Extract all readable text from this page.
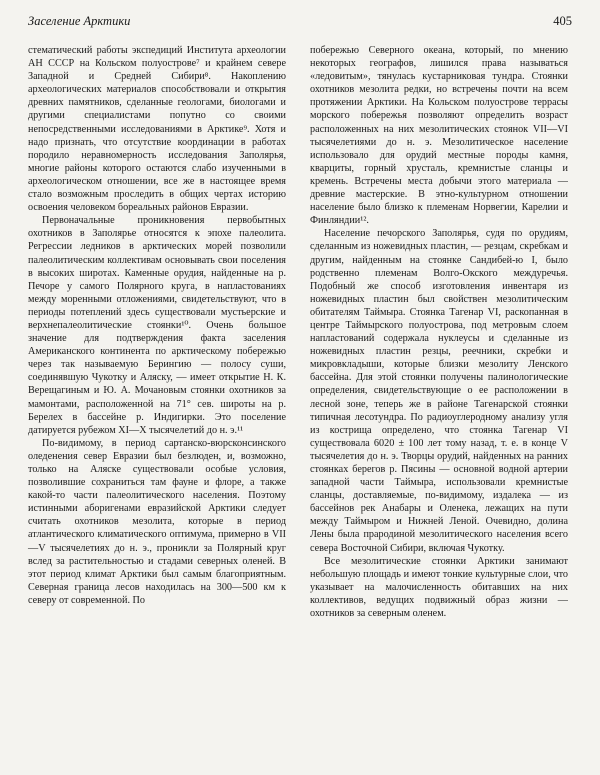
Заселение Арктики	405

стематический работы экспедиций Института археологии АН СССР на Кольском полуострове⁷ и крайнем севере Западной и Средней Сибири⁸. Накоплению археологических материалов способствовали и открытия древних памятников, сделанные геологами, биологами и другими специалистами попутно со своими непосредственными исследованиями в Арктике⁹. Хотя и надо признать, что отсутствие координации в работах породило неравномерность исследования Заполярья, многие районы которого остаются слабо изученными в археологическом отношении, все же в настоящее время стало возможным проследить в общих чертах историю освоения человеком бореальных районов Евразии.

Первоначальные проникновения первобытных охотников в Заполярье относятся к эпохе палеолита. Регрессии ледников в арктических морей позволили палеолитическим коллективам основывать свои поселения в высоких широтах. Каменные орудия, найденные на р. Печоре у самого Полярного круга, в напластованиях между моренными отложениями, свидетельствуют, что в периоды потеплений здесь существовали мустьерские и верхнепалеолитические стоянки¹⁰. Очень большое значение для подтверждения факта заселения Американского континента по арктическому побережью через так называемую Берингию — полосу суши, соединявшую Чукотку и Аляску, — имеет открытие Н. К. Верещагиным и Ю. А. Мочановым стоянки охотников за мамонтами, расположенной на 71° сев. широты на р. Берелех в бассейне р. Индигирки. Это поселение датируется рубежом XI—X тысячелетий до н. э.¹¹

По-видимому, в период сартанско-вюрсконсинского оледенения север Евразии был безлюден, и, возможно, только на Аляске существовали особые условия, позволившие сохраниться там фауне и флоре, а также какой-то части палеолитического населения. Поэтому истинными аборигенами евразийской Арктики следует считать охотников мезолита, которые в период атлантического климатического оптимума, примерно в VII—V тысячелетиях до н. э., проникли за Полярный круг вслед за растительностью и стадами северных оленей. В этот период климат Арктики был самым благоприятным. Северная граница лесов находилась на 300—500 км к северу от современной. По

побережью Северного океана, который, по мнению некоторых географов, лишился права называться «ледовитым», тянулась кустарниковая тундра. Стоянки охотников мезолита редки, но встречены почти на всем протяжении Арктики. На Кольском полуострове террасы морского побережья позволяют определить возраст расположенных на них мезолитических стоянок VII—VI тысячелетиями до н. э. Мезолитическое население использовало для орудий местные породы камня, кварциты, горный хрусталь, кремнистые сланцы и кремень. Встречены места добычи этого материала — древние мастерские. В этно-культурном отношении население было близко к племенам Норвегии, Карелии и Финляндии¹².

Население печорского Заполярья, судя по орудиям, сделанным из ножевидных пластин, — резцам, скребкам и другим, найденным на стоянке Сандибей-ю I, было родственно племенам Волго-Окского междуречья. Подобный же способ изготовления инвентаря из ножевидных пластин был свойствен мезолитическим обитателям Таймыра. Стоянка Тагенар VI, раскопанная в центре Таймырского полуострова, под метровым слоем напластований содержала нуклеусы и сделанные из ножевидных пластин резцы, реечники, скребки и микровкладыши, которые близки мезолиту Ленского бассейна. Для этой стоянки получены палинологические определения, свидетельствующие о ее расположении в лесной зоне, теперь же в районе Тагенарской стоянки типичная лесотундра. По радиоуглеродному анализу угля из кострища определено, что стоянка Тагенар VI существовала 6020 ± 100 лет тому назад, т. е. в конце V тысячелетия до н. э. Творцы орудий, найденных на ранних стоянках берегов р. Пясины — основной водной артерии западной части Таймыра, использовали кремнистые сланцы, доставляемые, по-видимому, издалека — из бассейнов рек Анабары и Оленека, лежащих на пути между Таймыром и Нижней Леной. Очевидно, долина Лены была прародиной мезолитического населения всего севера Восточной Сибири, включая Чукотку.

Все мезолитические стоянки Арктики занимают небольшую площадь и имеют тонкие культурные слои, что указывает на малочисленность обитавших на них коллективов, ведущих подвижный образ жизни — охотников за северным оленем.
